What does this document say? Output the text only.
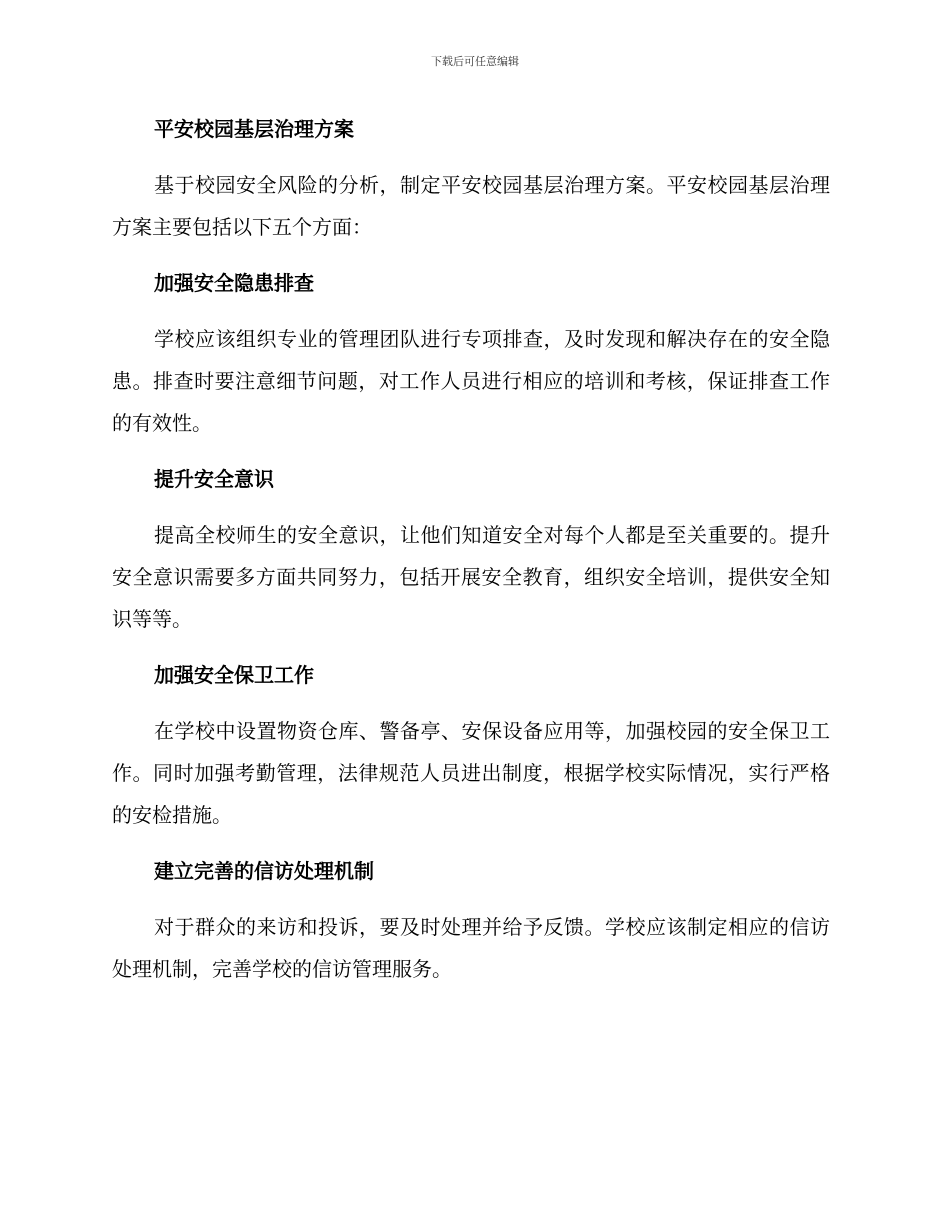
下载后可任意编辑
平安校园基层治理方案

基于校园安全风险的分析，制定平安校园基层治理方案。平安校园基层治理方案主要包括以下五个方面：

加强安全隐患排查

学校应该组织专业的管理团队进行专项排查，及时发现和解决存在的安全隐患。排查时要注意细节问题，对工作人员进行相应的培训和考核，保证排查工作的有效性。

提升安全意识

提高全校师生的安全意识，让他们知道安全对每个人都是至关重要的。提升安全意识需要多方面共同努力，包括开展安全教育，组织安全培训，提供安全知识等等。

加强安全保卫工作

在学校中设置物资仓库、警备亭、安保设备应用等，加强校园的安全保卫工作。同时加强考勤管理，法律规范人员进出制度，根据学校实际情况，实行严格的安检措施。

建立完善的信访处理机制

对于群众的来访和投诉，要及时处理并给予反馈。学校应该制定相应的信访处理机制，完善学校的信访管理服务。
